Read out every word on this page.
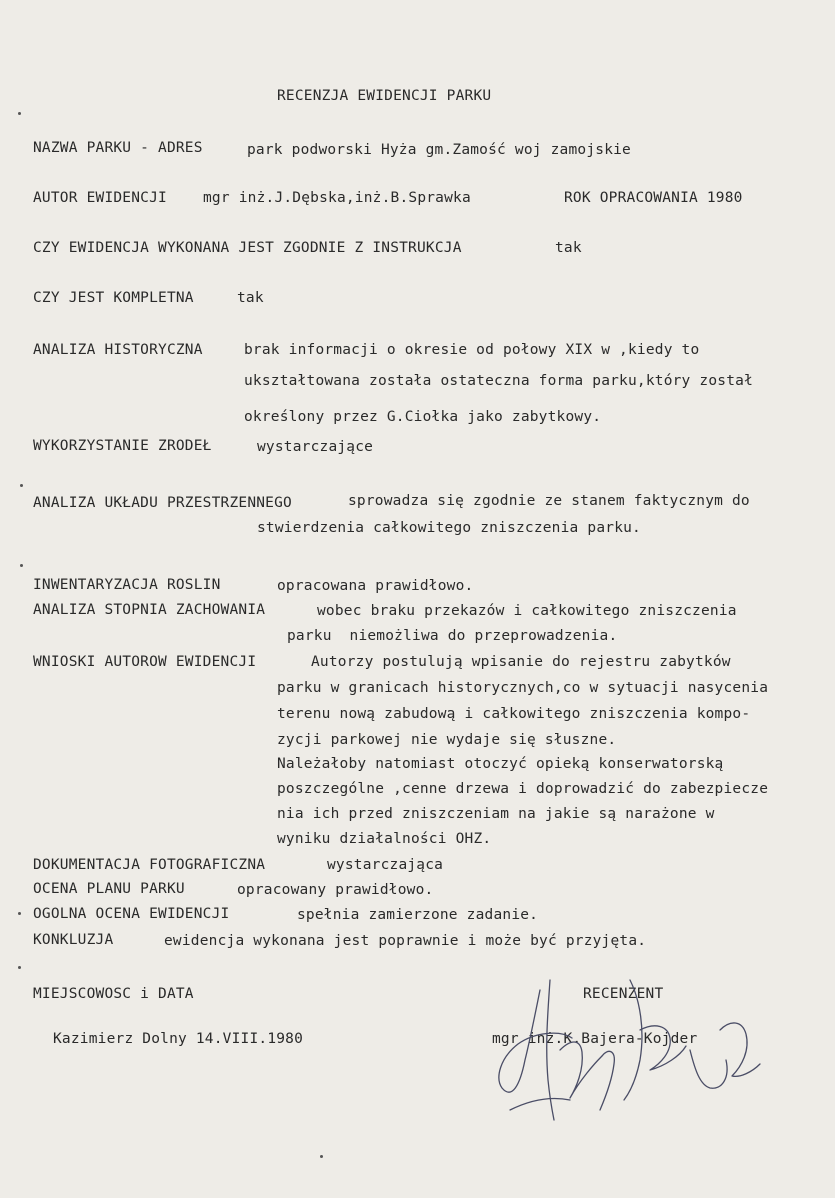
RECENZJA EWIDENCJI PARKU
NAZWA PARKU - ADRES	park podworski Hyża gm.Zamość woj zamojskie
AUTOR EWIDENCJI mgr inż.J.Dębska,inż.B.Sprawka	ROK OPRACOWANIA 1980
CZY EWIDENCJA WYKONANA JEST ZGODNIE Z INSTRUKCJA	tak
CZY JEST KOMPLETNA	tak
ANALIZA HISTORYCZNA	brak informacji o okresie od połowy XIX w ,kiedy to
ukształtowana została ostateczna forma parku,który został
określony przez G.Ciołka jako zabytkowy.
WYKORZYSTANIE ZRODEŁ	wystarczające
ANALIZA UKŁADU PRZESTRZENNEGO	sprowadza się zgodnie ze stanem faktycznym do
stwierdzenia całkowitego zniszczenia parku.
INWENTARYZACJA ROSLIN	opracowana prawidłowo.
ANALIZA STOPNIA ZACHOWANIA	wobec braku przekazów i całkowitego zniszczenia
parku  niemożliwa do przeprowadzenia.
WNIOSKI AUTOROW EWIDENCJI	Autorzy postulują wpisanie do rejestru zabytków
parku w granicach historycznych,co w sytuacji nasycenia
terenu nową zabudową i całkowitego zniszczenia kompo-
zycji parkowej nie wydaje się słuszne.
Należałoby natomiast otoczyć opieką konserwatorską
poszczególne ,cenne drzewa i doprowadzić do zabezpiecze
nia ich przed zniszczeniam na jakie są narażone w
wyniku działalności OHZ.
DOKUMENTACJA FOTOGRAFICZNA	wystarczająca
OCENA PLANU PARKU	opracowany prawidłowo.
OGOLNA OCENA EWIDENCJI	spełnia zamierzone zadanie.
KONKLUZJA	ewidencja wykonana jest poprawnie i może być przyjęta.
MIEJSCOWOSC i DATA	RECENZENT
Kazimierz Dolny 14.VIII.1980	mgr inż.K.Bajera-Kojder
